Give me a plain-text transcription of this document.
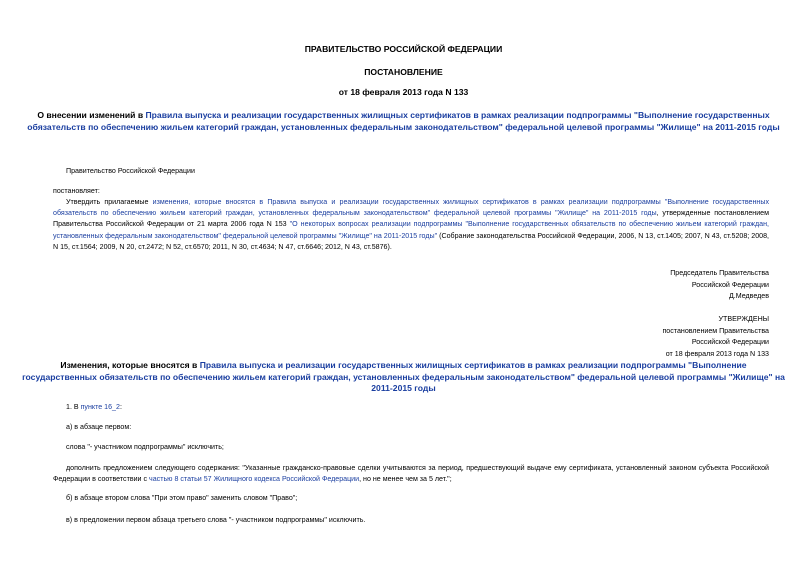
ПРАВИТЕЛЬСТВО РОССИЙСКОЙ ФЕДЕРАЦИИ
ПОСТАНОВЛЕНИЕ
от 18 февраля 2013 года N 133
О внесении изменений в Правила выпуска и реализации государственных жилищных сертификатов в рамках реализации подпрограммы "Выполнение государственных обязательств по обеспечению жильем категорий граждан, установленных федеральным законодательством" федеральной целевой программы "Жилище" на 2011-2015 годы
Правительство Российской Федерации
постановляет:
Утвердить прилагаемые изменения, которые вносятся в Правила выпуска и реализации государственных жилищных сертификатов в рамках реализации подпрограммы "Выполнение государственных обязательств по обеспечению жильем категорий граждан, установленных федеральным законодательством" федеральной целевой программы "Жилище" на 2011-2015 годы, утвержденные постановлением Правительства Российской Федерации от 21 марта 2006 года N 153 "О некоторых вопросах реализации подпрограммы "Выполнение государственных обязательств по обеспечению жильем категорий граждан, установленных федеральным законодательством" федеральной целевой программы "Жилище" на 2011-2015 годы" (Собрание законодательства Российской Федерации, 2006, N 13, ст.1405; 2007, N 43, ст.5208; 2008, N 15, ст.1564; 2009, N 20, ст.2472; N 52, ст.6570; 2011, N 30, ст.4634; N 47, ст.6646; 2012, N 43, ст.5876).
Председатель Правительства
Российской Федерации
Д.Медведев
УТВЕРЖДЕНЫ
постановлением Правительства
Российской Федерации
от 18 февраля 2013 года N 133
Изменения, которые вносятся в Правила выпуска и реализации государственных жилищных сертификатов в рамках реализации подпрограммы "Выполнение государственных обязательств по обеспечению жильем категорий граждан, установленных федеральным законодательством" федеральной целевой программы "Жилище" на 2011-2015 годы
1. В пункте 16_2:
а) в абзаце первом:
слова "- участником подпрограммы" исключить;
дополнить предложением следующего содержания: "Указанные гражданско-правовые сделки учитываются за период, предшествующий выдаче ему сертификата, установленный законом субъекта Российской Федерации в соответствии с частью 8 статьи 57 Жилищного кодекса Российской Федерации, но не менее чем за 5 лет.";
б) в абзаце втором слова "При этом право" заменить словом "Право";
в) в предложении первом абзаца третьего слова "- участником подпрограммы" исключить.
